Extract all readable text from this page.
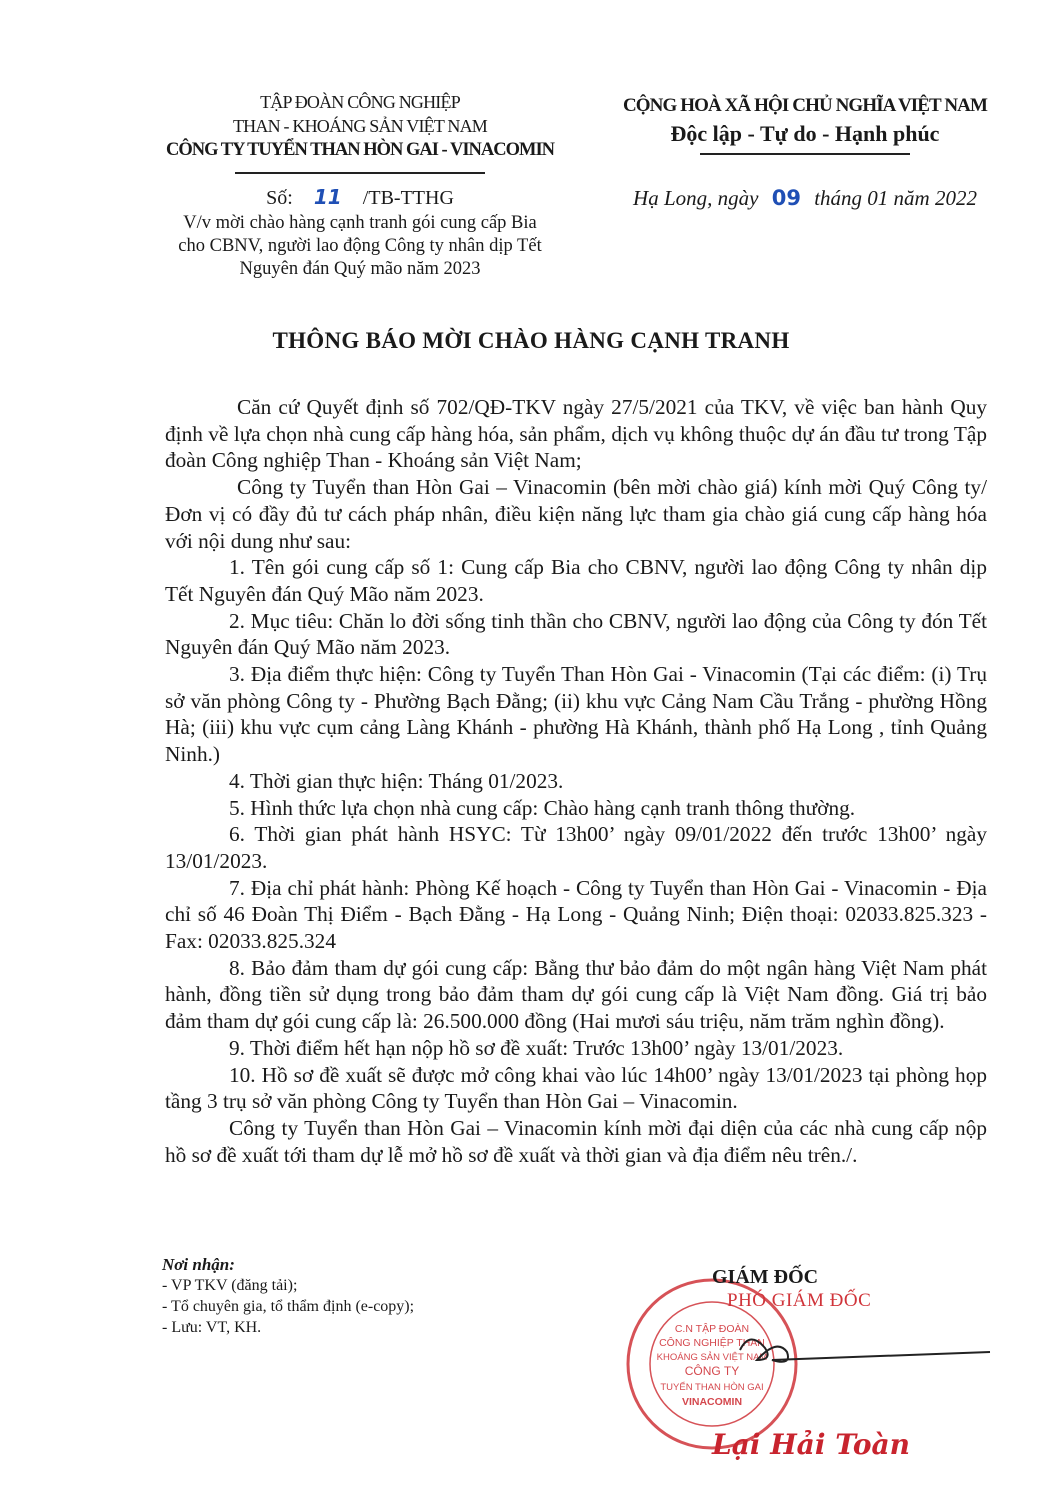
TẬP ĐOÀN CÔNG NGHIỆP
THAN - KHOÁNG SẢN VIỆT NAM
CÔNG TY TUYỂN THAN HÒN GAI - VINACOMIN
CỘNG HOÀ XÃ HỘI CHỦ NGHĨA VIỆT NAM
Độc lập - Tự do - Hạnh phúc
Số: 11 /TB-TTHG
V/v mời chào hàng cạnh tranh gói cung cấp Bia
cho CBNV, người lao động Công ty nhân dịp Tết
Nguyên đán Quý mão năm 2023
Hạ Long, ngày 09 tháng 01 năm 2022
THÔNG BÁO MỜI CHÀO HÀNG CẠNH TRANH

Căn cứ Quyết định số 702/QĐ-TKV ngày 27/5/2021 của TKV, về việc ban hành Quy định về lựa chọn nhà cung cấp hàng hóa, sản phẩm, dịch vụ không thuộc dự án đầu tư trong Tập đoàn Công nghiệp Than - Khoáng sản Việt Nam;

Công ty Tuyển than Hòn Gai – Vinacomin (bên mời chào giá) kính mời Quý Công ty/ Đơn vị có đầy đủ tư cách pháp nhân, điều kiện năng lực tham gia chào giá cung cấp hàng hóa với nội dung như sau:

1. Tên gói cung cấp số 1: Cung cấp Bia cho CBNV, người lao động Công ty nhân dịp Tết Nguyên đán Quý Mão năm 2023.

2. Mục tiêu: Chăn lo đời sống tinh thần cho CBNV, người lao động của Công ty đón Tết Nguyên đán Quý Mão năm 2023.

3. Địa điểm thực hiện: Công ty Tuyển Than Hòn Gai - Vinacomin (Tại các điểm: (i) Trụ sở văn phòng Công ty - Phường Bạch Đằng; (ii) khu vực Cảng Nam Cầu Trắng - phường Hồng Hà; (iii) khu vực cụm cảng Làng Khánh - phường Hà Khánh, thành phố Hạ Long , tỉnh Quảng Ninh.)

4. Thời gian thực hiện: Tháng 01/2023.

5. Hình thức lựa chọn nhà cung cấp: Chào hàng cạnh tranh thông thường.

6. Thời gian phát hành HSYC: Từ 13h00’ ngày 09/01/2022 đến trước 13h00’ ngày 13/01/2023.

7. Địa chỉ phát hành: Phòng Kế hoạch - Công ty Tuyển than Hòn Gai - Vinacomin - Địa chỉ số 46 Đoàn Thị Điểm - Bạch Đằng - Hạ Long - Quảng Ninh; Điện thoại: 02033.825.323 - Fax: 02033.825.324

8. Bảo đảm tham dự gói cung cấp: Bằng thư bảo đảm do một ngân hàng Việt Nam phát hành, đồng tiền sử dụng trong bảo đảm tham dự gói cung cấp là Việt Nam đồng. Giá trị bảo đảm tham dự gói cung cấp là: 26.500.000 đồng (Hai mươi sáu triệu, năm trăm nghìn đồng).

9. Thời điểm hết hạn nộp hồ sơ đề xuất: Trước 13h00’ ngày 13/01/2023.

10. Hồ sơ đề xuất sẽ được mở công khai vào lúc 14h00’ ngày 13/01/2023 tại phòng họp tầng 3 trụ sở văn phòng Công ty Tuyển than Hòn Gai – Vinacomin.

Công ty Tuyển than Hòn Gai – Vinacomin kính mời đại diện của các nhà cung cấp nộp hồ sơ đề xuất tới tham dự lễ mở hồ sơ đề xuất và thời gian và địa điểm nêu trên./.

Nơi nhận:
- VP TKV (đăng tải);
- Tổ chuyên gia, tổ thẩm định (e-copy);
- Lưu: VT, KH.	C.N TẬP ĐOÀN
CÔNG NGHIỆP THAN
KHOÁNG SẢN VIỆT NAM
CÔNG TY
TUYỂN THAN HÒN GAI
VINACOMIN
GIÁM ĐỐC
PHÓ GIÁM ĐỐC
Lại Hải Toàn
